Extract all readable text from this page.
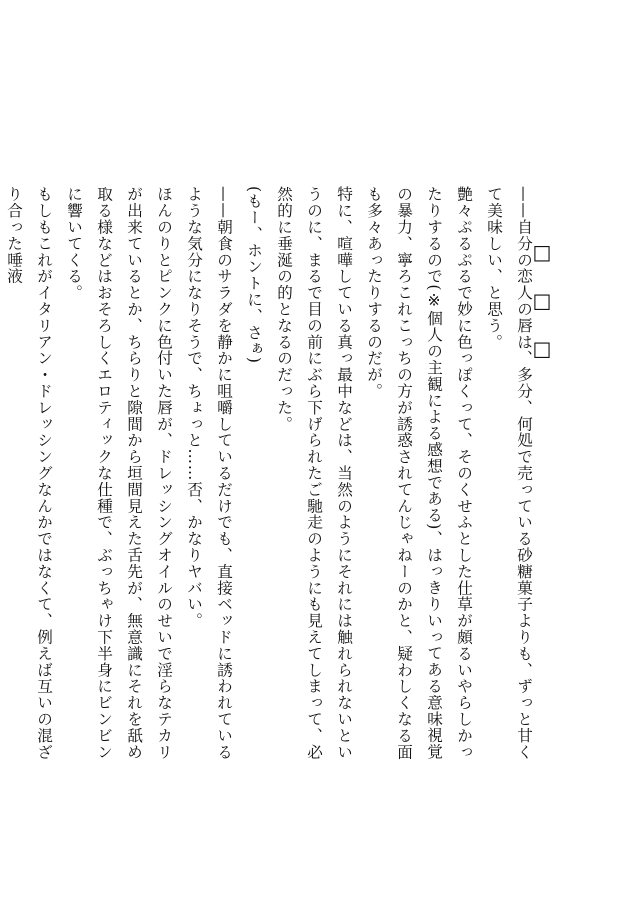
□ □ □

——自分の恋人の唇は、多分、何処で売っている砂糖菓子よりも、ずっと甘くて美味しい、と思う。

艶々ぷるぷるで妙に色っぽくって、そのくせふとした仕草が頗るいやらしかったりするので(※個人の主観による感想である)、はっきりいってある意味視覚の暴力、寧ろこれこっちの方が誘惑されてんじゃねーのかと、疑わしくなる面も多々あったりするのだが。

特に、喧嘩している真っ最中などは、当然のようにそれには触れられないというのに、まるで目の前にぶら下げられたご馳走のようにも見えてしまって、必然的に垂涎の的となるのだった。

(もー、ホントに、さぁ)

——朝食のサラダを静かに咀嚼しているだけでも、直接ベッドに誘われているような気分になりそうで、ちょっと……否、かなりヤバい。

ほんのりとピンクに色付いた唇が、ドレッシングオイルのせいで淫らなテカリが出来ているとか、ちらりと隙間から垣間見えた舌先が、無意識にそれを舐め取る様などはおそろしくエロティックな仕種で、ぶっちゃけ下半身にビンビンに響いてくる。

もしもこれがイタリアン・ドレッシングなんかではなくて、例えば互いの混ざり合った唾液
